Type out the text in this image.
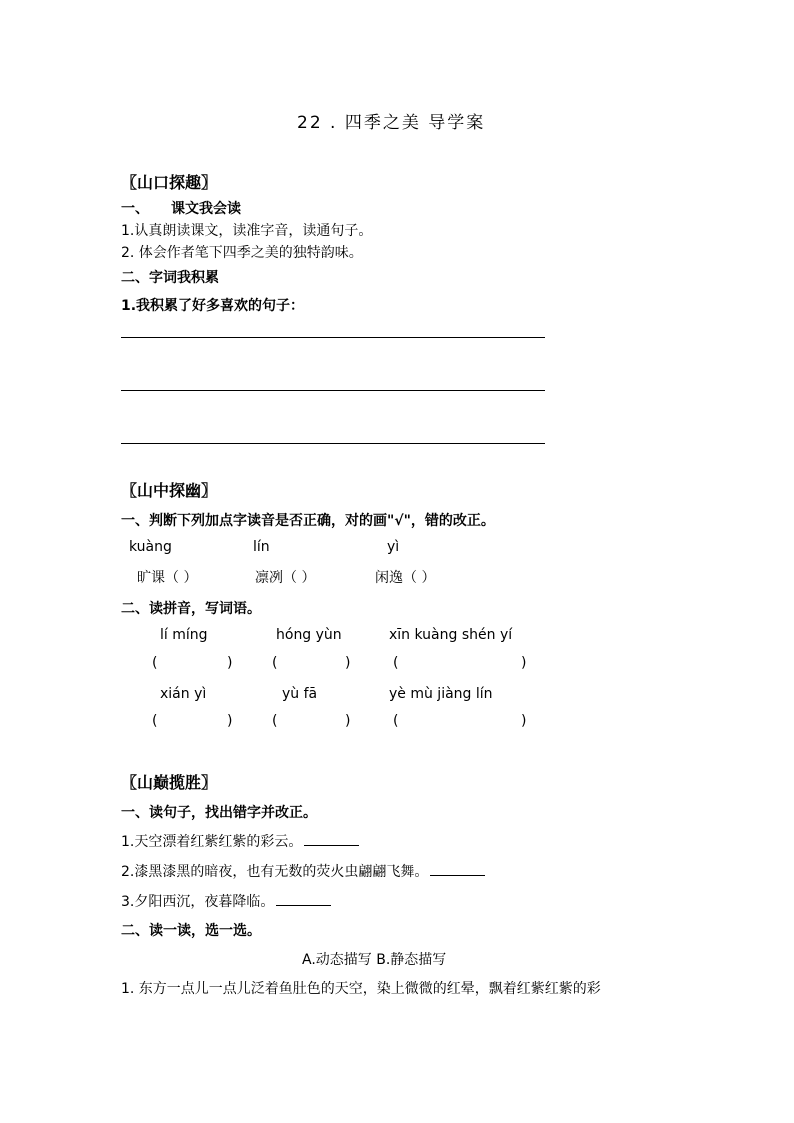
22 . 四季之美 导学案
〖山口探趣〗
一、 课文我会读
1.认真朗读课文，读准字音，读通句子。
2. 体会作者笔下四季之美的独特韵味。
二、字词我积累
1.我积累了好多喜欢的句子：
〖山中探幽〗
一、判断下列加点字读音是否正确，对的画"√"，错的改正。
kuàng	lín	yì
旷课（ ）	凛冽（ ）	闲逸（ ）
二、读拼音，写词语。
lí míng	hóng yùn	xīn kuàng shén yí
(	)	(	)	(	)
xián yì	yù fā	yè mù jiàng lín
(	)	(	)	(	)
〖山巅揽胜〗
一、读句子，找出错字并改正。
1.天空漂着红紫红紫的彩云。
2.漆黑漆黑的暗夜，也有无数的荧火虫翩翩飞舞。
3.夕阳西沉，夜暮降临。
二、读一读，选一选。
A.动态描写 B.静态描写
1. 东方一点儿一点儿泛着鱼肚色的天空，染上微微的红晕，飘着红紫红紫的彩
